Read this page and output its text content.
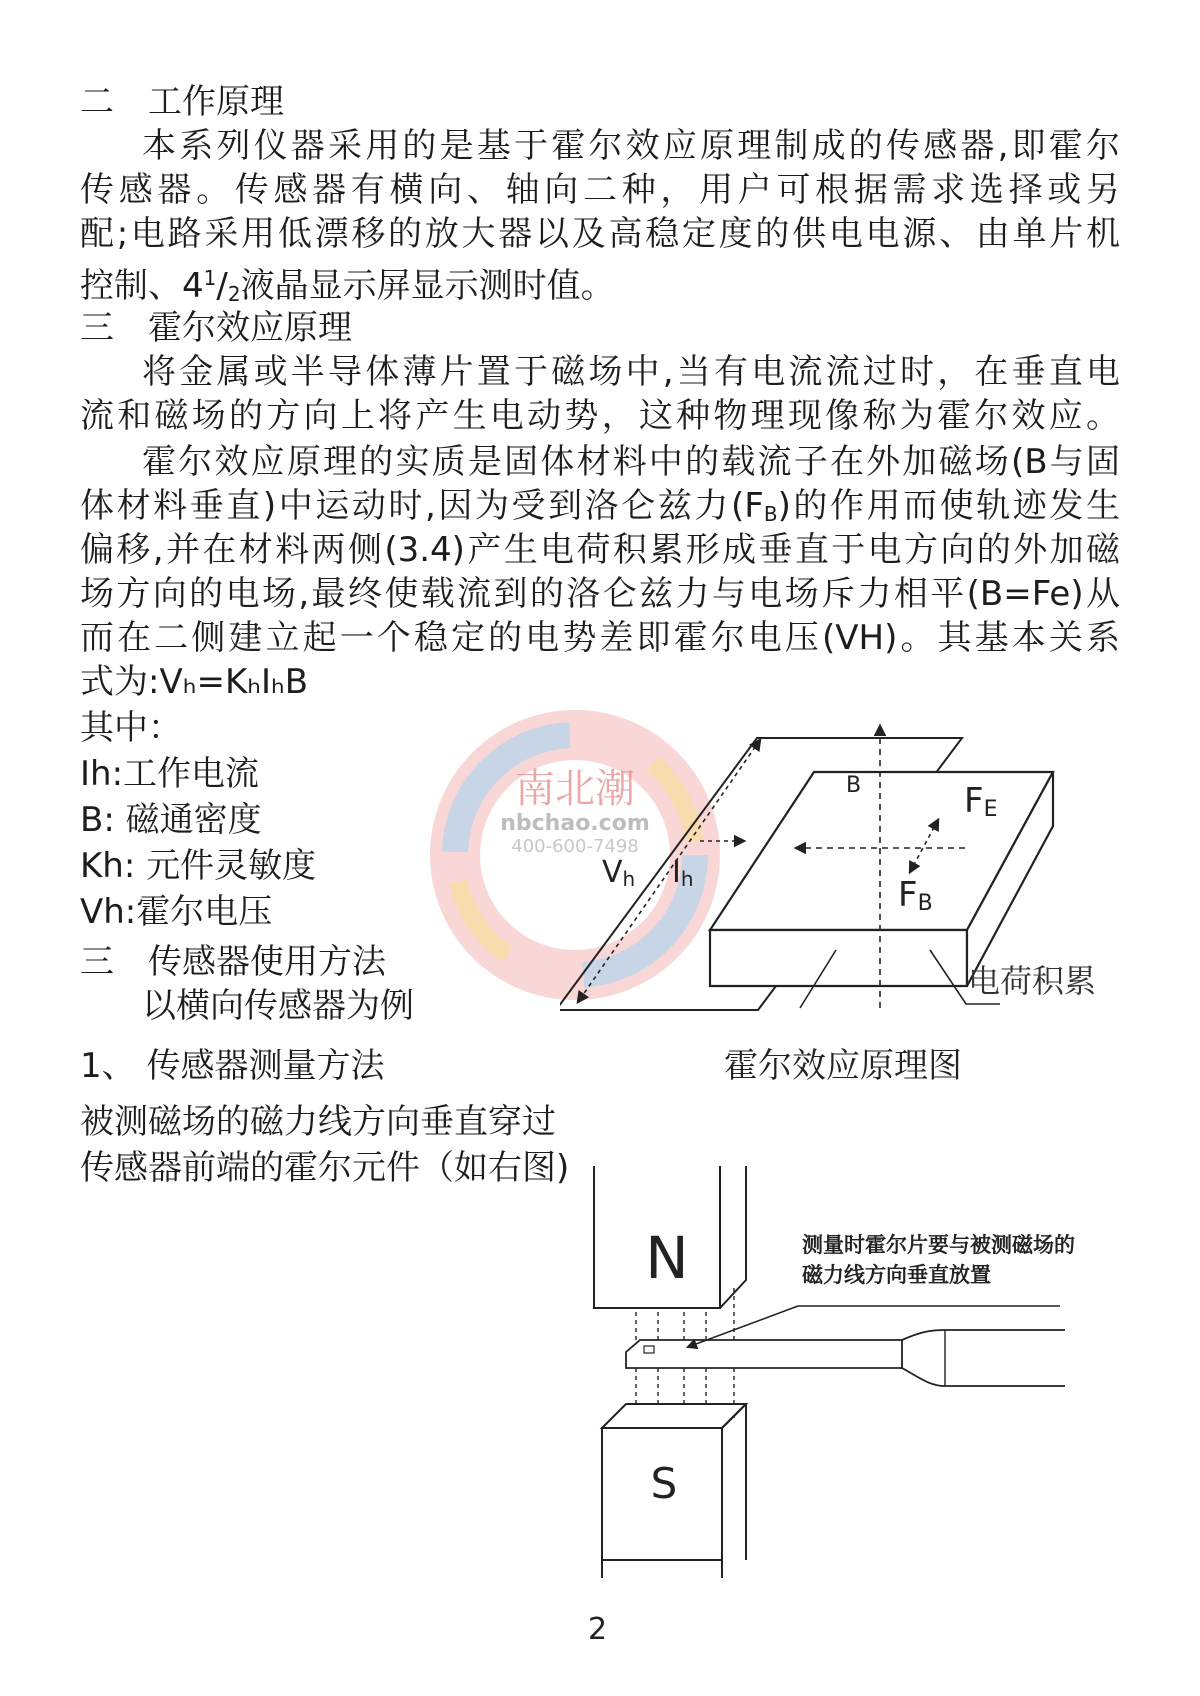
南北潮
nbchao.com
400-600-7498
二　工作原理
本系列仪器采用的是基于霍尔效应原理制成的传感器,即霍尔
传感器。传感器有横向、轴向二种，用户可根据需求选择或另
配;电路采用低漂移的放大器以及高稳定度的供电电源、由单片机
控制、$4^1/_2$液晶显示屏显示测时值。
三　霍尔效应原理
将金属或半导体薄片置于磁场中,当有电流流过时，在垂直电
流和磁场的方向上将产生电动势，这种物理现像称为霍尔效应。
霍尔效应原理的实质是固体材料中的载流子在外加磁场(B与固
体材料垂直)中运动时,因为受到洛仑兹力$(F_B)$的作用而使轨迹发生
偏移,并在材料两侧(3.4)产生电荷积累形成垂直于电方向的外加磁
场方向的电场,最终使载流到的洛仑兹力与电场斥力相平(B=Fe)从
而在二侧建立起一个稳定的电势差即霍尔电压(VH)。其基本关系
式为:Vₕ=KₕIₕB
其中：
Ih:工作电流
B: 磁通密度
Kh: 元件灵敏度
Vh:霍尔电压
三　传感器使用方法
以横向传感器为例
1、 传感器测量方法
被测磁场的磁力线方向垂直穿过
传感器前端的霍尔元件（如右图)
B	FE
FB
Vh Ih
电荷积累
霍尔效应原理图
N
S
测量时霍尔片要与被测磁场的
磁力线方向垂直放置
2
